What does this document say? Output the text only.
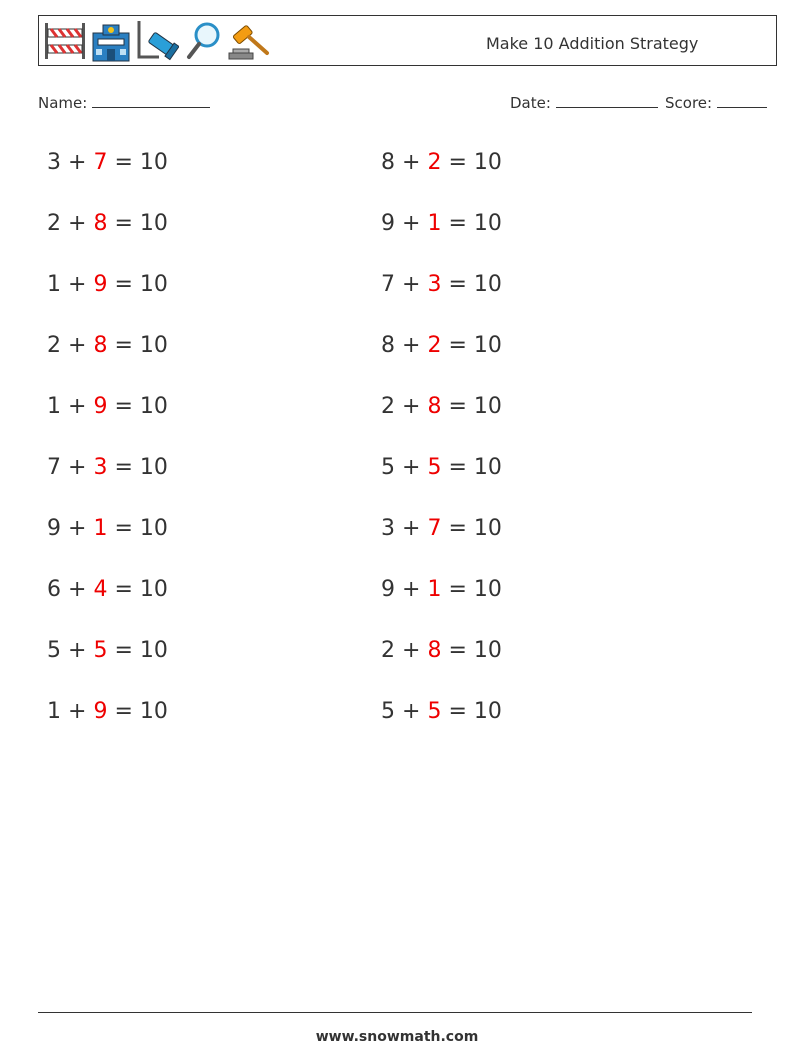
Make 10 Addition Strategy
Name:	Date:	Score:
3 + 7 = 10
2 + 8 = 10
1 + 9 = 10
2 + 8 = 10
1 + 9 = 10
7 + 3 = 10
9 + 1 = 10
6 + 4 = 10
5 + 5 = 10
1 + 9 = 10
8 + 2 = 10
9 + 1 = 10
7 + 3 = 10
8 + 2 = 10
2 + 8 = 10
5 + 5 = 10
3 + 7 = 10
9 + 1 = 10
2 + 8 = 10
5 + 5 = 10
www.snowmath.com
